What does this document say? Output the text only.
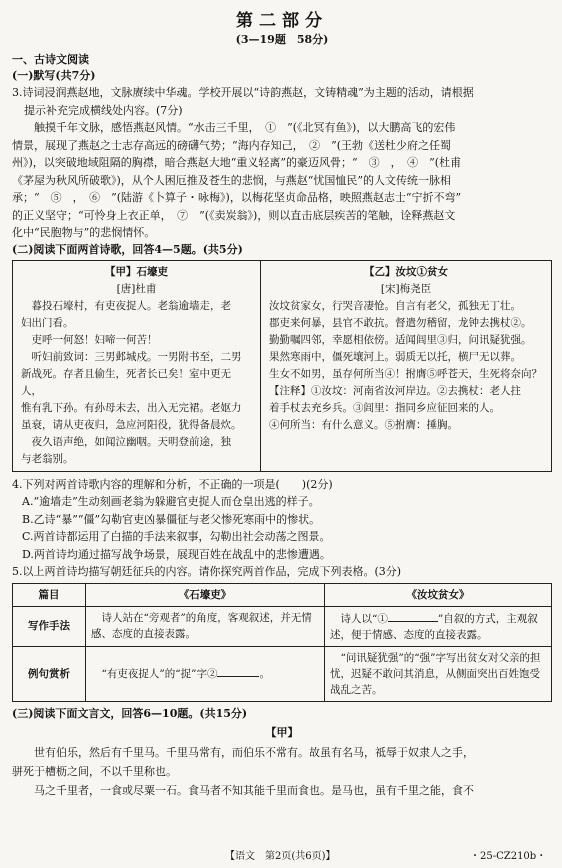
第二部分
(3—19题　58分)
一、古诗文阅读
(一)默写(共7分)

3.诗词浸润燕赵地，文脉赓续中华魂。学校开展以“诗韵燕赵，文铸精魂”为主题的活动，请根据

提示补充完成横线处内容。(7分)

　　触摸千年文脉，感悟燕赵风情。“水击三千里，　①　”(《北冥有鱼》)，以大鹏高飞的宏伟

情景，展现了燕赵之士志存高远的磅礴气势；“海内存知己，　②　”(王勃《送杜少府之任蜀

州》)，以突破地域阻隔的胸襟，暗合燕赵大地“重义轻离”的豪迈风骨；“　③　，　④　”(杜甫

《茅屋为秋风所破歌》)，从个人困厄推及苍生的悲悯，与燕赵“忧国恤民”的人文传统一脉相

承；“　⑤　，　⑥　”(陆游《卜算子・咏梅》)，以梅花坚贞命品格，映照燕赵志士“宁折不弯”

的正义坚守；“可怜身上衣正单，　⑦　”(《卖炭翁》)，则以直击底层疾苦的笔触，诠释燕赵文

化中“民胞物与”的悲悯情怀。

(二)阅读下面两首诗歌，回答4—5题。(共5分)
【甲】石壕吏
[唐]杜甫
　暮投石壕村，有吏夜捉人。老翁逾墙走，老
妇出门看。
　吏呼一何怒！妇啼一何苦！
　听妇前致词：三男邺城戍。一男附书至，二男
新战死。存者且偷生，死者长已矣！室中更无人，
惟有乳下孙。有孙母未去，出入无完裙。老妪力
虽衰，请从吏夜归，急应河阳役，犹得备晨炊。
　夜久语声绝，如闻泣幽咽。天明登前途，独
与老翁别。
【乙】汝坟①贫女
[宋]梅尧臣
汝坟贫家女，行哭音凄怆。自言有老父，孤独无丁壮。
郡吏来何暴，县官不敢抗。督遣勿稽留，龙钟去携杖②。
勤勤嘱四邻，幸愿相依傍。适闻闾里③归，问讯疑犹强。
果然寒雨中，僵死壤河上。弱质无以托，横尸无以葬。
生女不如男，虽存何所当④！拊膺⑤呼苍天，生死将奈向？
【注释】①汝坟：河南省汝河岸边。②去携杖：老人拄
着手杖去充乡兵。③闾里：指同乡应征回来的人。
④何所当：有什么意义。⑤拊膺：捶胸。

4.下列对两首诗歌内容的理解和分析，不正确的一项是(　　)(2分)

A.“逾墙走”生动刻画老翁为躲避官吏捉人而仓皇出逃的样子。

B.乙诗“暴”“僵”勾勒官吏凶暴僵征与老父惨死寒雨中的惨状。

C.两首诗都运用了白描的手法来叙事，勾勒出社会动荡之图景。

D.两首诗均通过描写战争场景，展现百姓在战乱中的悲惨遭遇。

5.以上两首诗均描写朝廷征兵的内容。请你探究两首作品，完成下列表格。(3分)

篇目	《石壕吏》	《汝坟贫女》
写作手法	　诗人站在“旁观者”的角度，客观叙述，并无情感、态度的直接表露。	　诗人以“① ”自叙的方式，主观叙述，便于情感、态度的直接表露。
例句赏析	　“有吏夜捉人”的“捉”字② 。	　“问讯疑犹强”的“强”字写出贫女对父亲的担忧，迟疑不敢问其消息，从侧面突出百姓饱受战乱之苦。
(三)阅读下面文言文，回答6—10题。(共15分)
【甲】

世有伯乐，然后有千里马。千里马常有，而伯乐不常有。故虽有名马，祗辱于奴隶人之手，

骈死于槽枥之间，不以千里称也。

马之千里者，一食或尽粟一石。食马者不知其能千里而食也。是马也，虽有千里之能，食不

【语文　第2页(共6页)】	・25-CZ210b・
